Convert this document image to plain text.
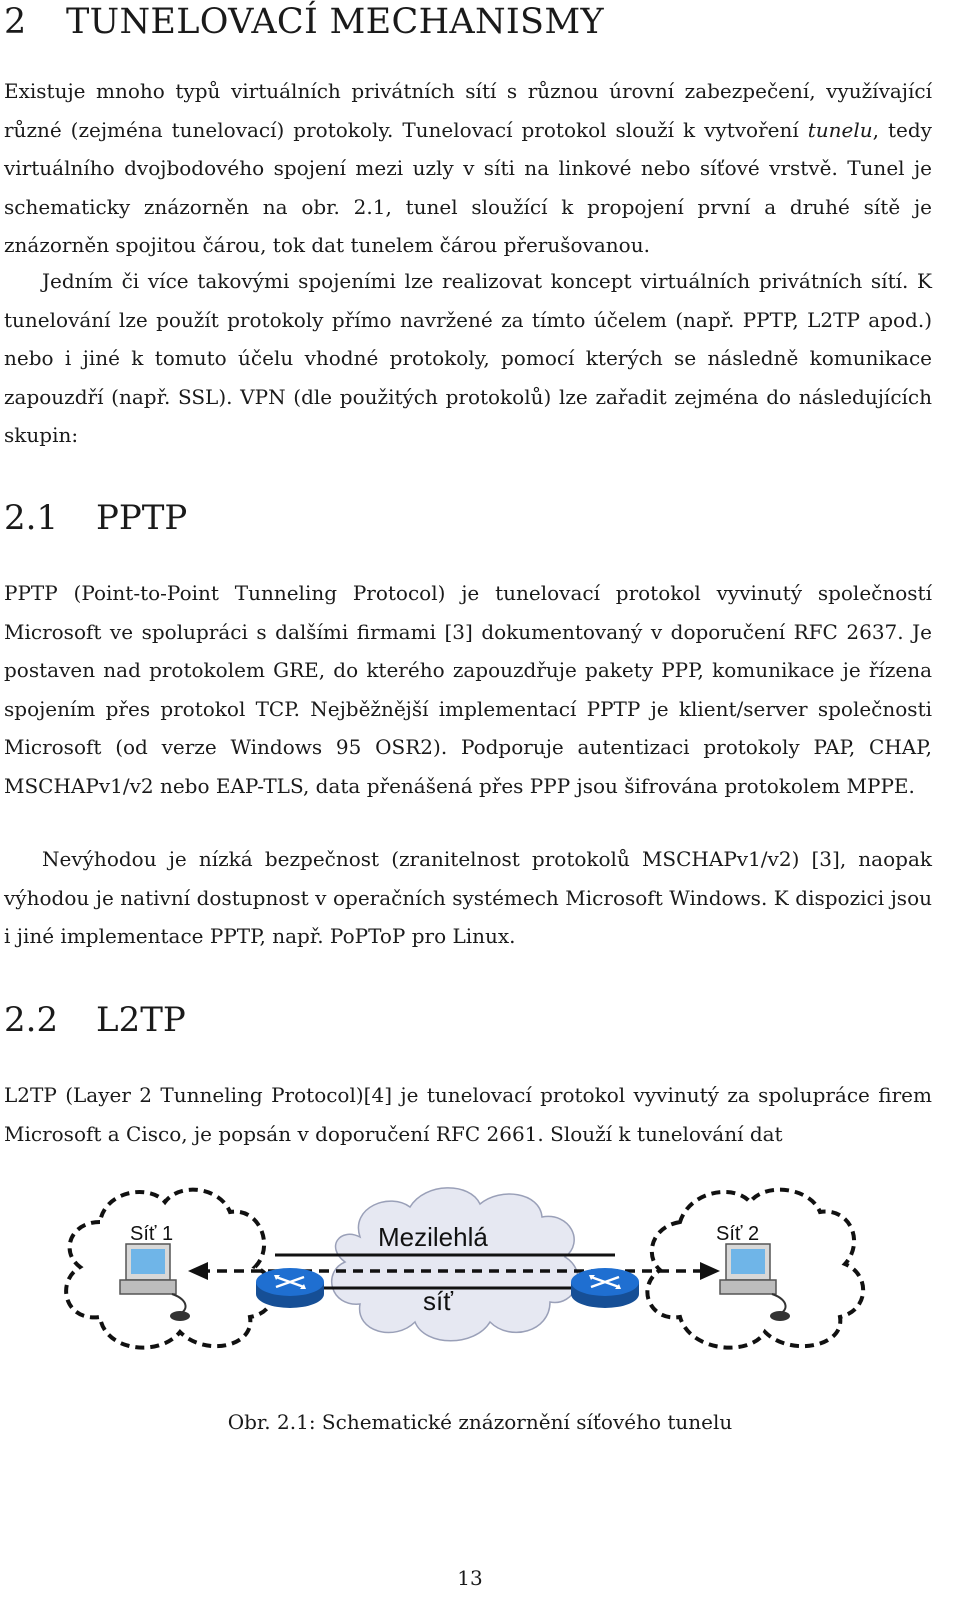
2 TUNELOVACÍ MECHANISMY

Existuje mnoho typů virtuálních privátních sítí s různou úrovní zabezpečení, využívající různé (zejména tunelovací) protokoly. Tunelovací protokol slouží k vytvoření tunelu, tedy virtuálního dvojbodového spojení mezi uzly v síti na linkové nebo síťové vrstvě. Tunel je schematicky znázorněn na obr. 2.1, tunel sloužící k propojení první a druhé sítě je znázorněn spojitou čárou, tok dat tunelem čárou přerušovanou.

Jedním či více takovými spojeními lze realizovat koncept virtuálních privátních sítí. K tunelování lze použít protokoly přímo navržené za tímto účelem (např. PPTP, L2TP apod.) nebo i jiné k tomuto účelu vhodné protokoly, pomocí kterých se následně komunikace zapouzdří (např. SSL). VPN (dle použitých protokolů) lze zařadit zejména do následujících skupin:

2.1 PPTP

PPTP (Point-to-Point Tunneling Protocol) je tunelovací protokol vyvinutý společností Microsoft ve spolupráci s dalšími firmami [3] dokumentovaný v doporučení RFC 2637. Je postaven nad protokolem GRE, do kterého zapouzdřuje pakety PPP, komunikace je řízena spojením přes protokol TCP. Nejběžnější implementací PPTP je klient/server společnosti Microsoft (od verze Windows 95 OSR2). Podporuje autentizaci protokoly PAP, CHAP, MSCHAPv1/v2 nebo EAP-TLS, data přenášená přes PPP jsou šifrována protokolem MPPE.

Nevýhodou je nízká bezpečnost (zranitelnost protokolů MSCHAPv1/v2) [3], naopak výhodou je nativní dostupnost v operačních systémech Microsoft Windows. K dispozici jsou i jiné implementace PPTP, např. PoPToP pro Linux.

2.2 L2TP

L2TP (Layer 2 Tunneling Protocol)[4] je tunelovací protokol vyvinutý za spolupráce firem Microsoft a Cisco, je popsán v doporučení RFC 2661. Slouží k tunelování dat

Síť 1	Síť 2
Mezilehlá
síť

Obr. 2.1: Schematické znázornění síťového tunelu

13
